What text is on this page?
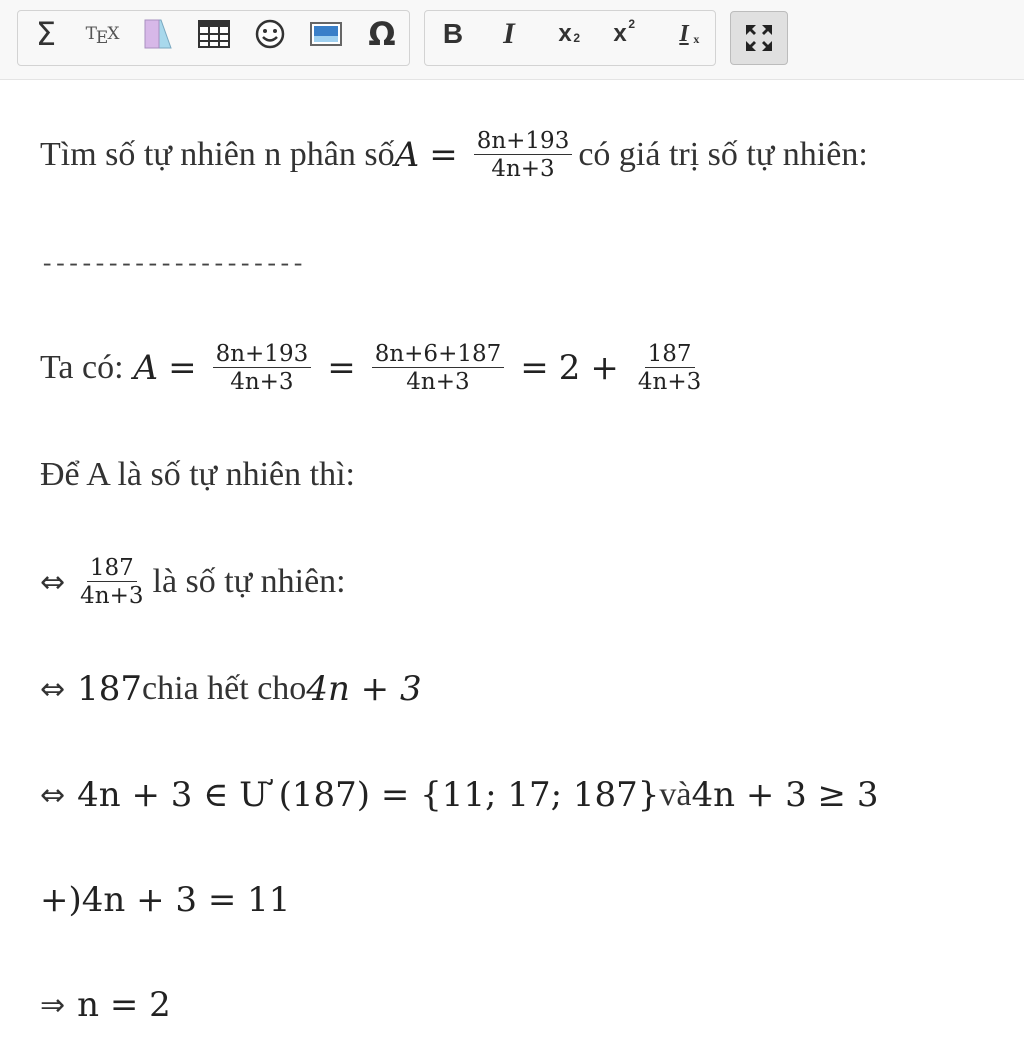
Σ TEX	Ω B I x 2 x 2 I x
Tìm số tự nhiên n phân số $A = \frac{8n+193}{4n+3}$ có giá trị số tự nhiên:
--------------------
Ta có: $A = \frac{8n+193}{4n+3} = \frac{8n+6+187}{4n+3} = 2 + \frac{187}{4n+3}$
Để A là số tự nhiên thì:
⇔ $\frac{187}{4n+3}$ là số tự nhiên:
⇔ 187 chia hết cho 4n + 3
⇔ 4n + 3 ∈ Ư (187) = {11; 17; 187} và 4n + 3 ≥ 3
+)4n + 3 = 11
⇒ n = 2
